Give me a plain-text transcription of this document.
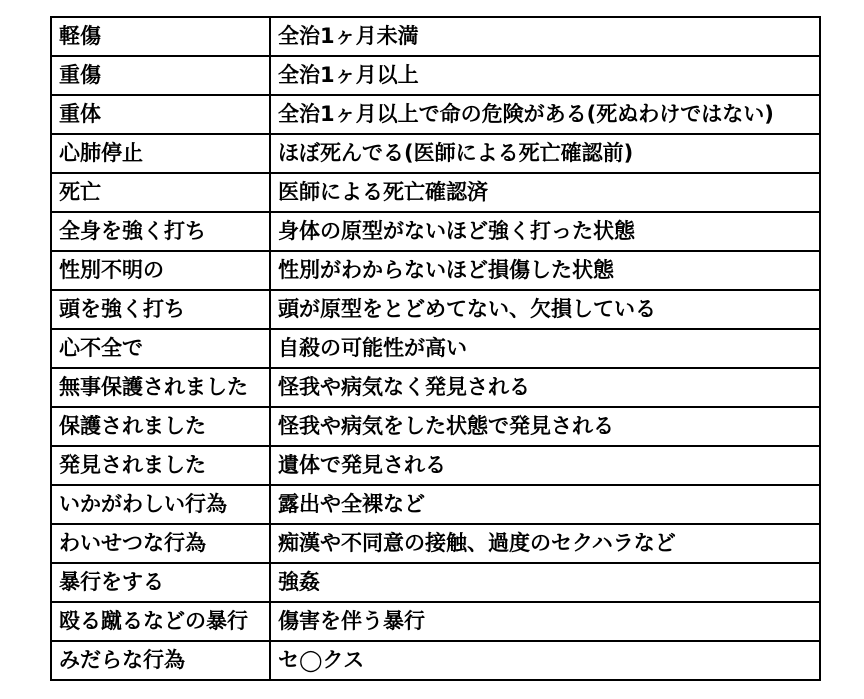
軽傷	全治1ヶ月未満
重傷	全治1ヶ月以上
重体	全治1ヶ月以上で命の危険がある(死ぬわけではない)
心肺停止	ほぼ死んでる(医師による死亡確認前)
死亡	医師による死亡確認済
全身を強く打ち	身体の原型がないほど強く打った状態
性別不明の	性別がわからないほど損傷した状態
頭を強く打ち	頭が原型をとどめてない、欠損している
心不全で	自殺の可能性が高い
無事保護されました	怪我や病気なく発見される
保護されました	怪我や病気をした状態で発見される
発見されました	遺体で発見される
いかがわしい行為	露出や全裸など
わいせつな行為	痴漢や不同意の接触、過度のセクハラなど
暴行をする	強姦
殴る蹴るなどの暴行	傷害を伴う暴行
みだらな行為	セ◯クス
